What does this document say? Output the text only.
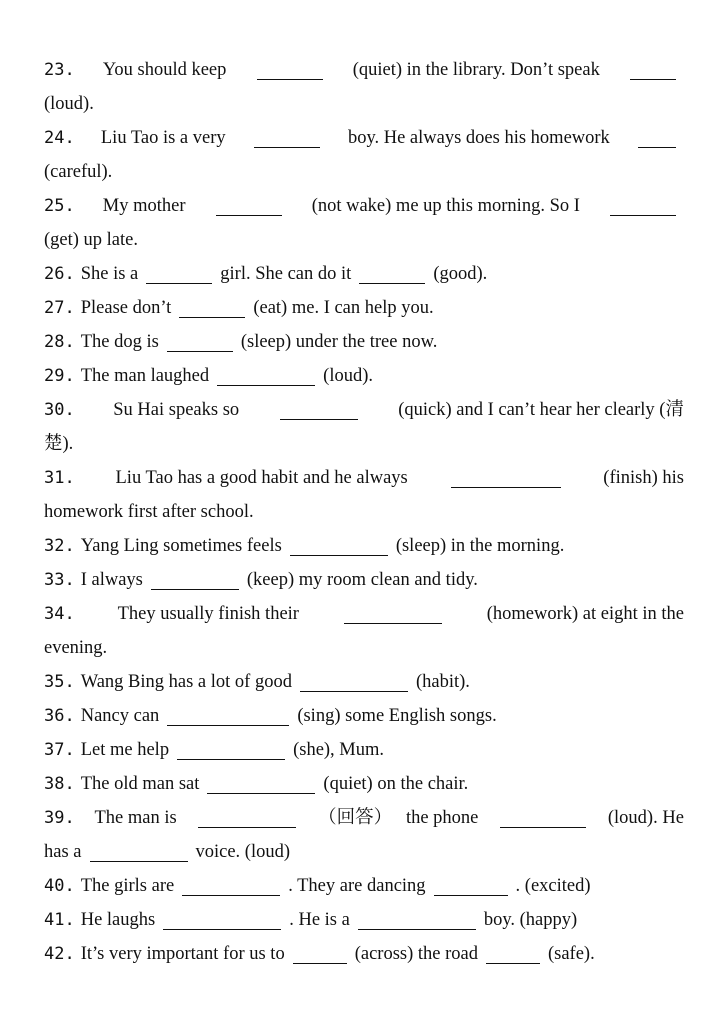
23. You should keep	(quiet) in the library. Don’t speak
(loud).
24. Liu Tao is a very	boy. He always does his homework
(careful).
25. My mother	(not wake) me up this morning. So I
(get) up late.
26. She is a	girl. She can do it	(good).
27. Please don’t	(eat) me. I can help you.
28. The dog is	(sleep) under the tree now.
29. The man laughed	(loud).
30. Su Hai speaks so	(quick) and I can’t hear her clearly (清
楚).
31. Liu Tao has a good habit and he always	(finish) his
homework first after school.
32. Yang Ling sometimes feels	(sleep) in the morning.
33. I always	(keep) my room clean and tidy.
34. They usually finish their	(homework) at eight in the
evening.
35. Wang Bing has a lot of good	(habit).
36. Nancy can	(sing) some English songs.
37. Let me help	(she), Mum.
38. The old man sat	(quiet) on the chair.
39. The man is	（回答） the phone	(loud). He
has a	voice. (loud)
40. The girls are	. They are dancing	. (excited)
41. He laughs	. He is a	boy. (happy)
42. It’s very important for us to	(across) the road	(safe).
